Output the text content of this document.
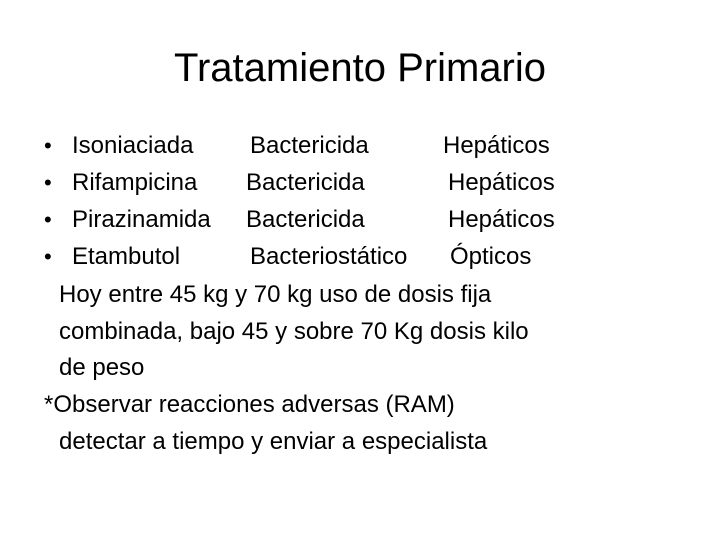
Tratamiento Primario
• Isoniaciada Bactericida	Hepáticos
• Rifampicina Bactericida	Hepáticos
• Pirazinamida Bactericida	Hepáticos
• Etambutol	Bacteriostático Ópticos
Hoy entre 45 kg y 70 kg uso de dosis fija
combinada, bajo 45 y sobre 70 Kg dosis kilo
de peso
*Observar reacciones adversas (RAM)
detectar a tiempo y enviar a especialista
